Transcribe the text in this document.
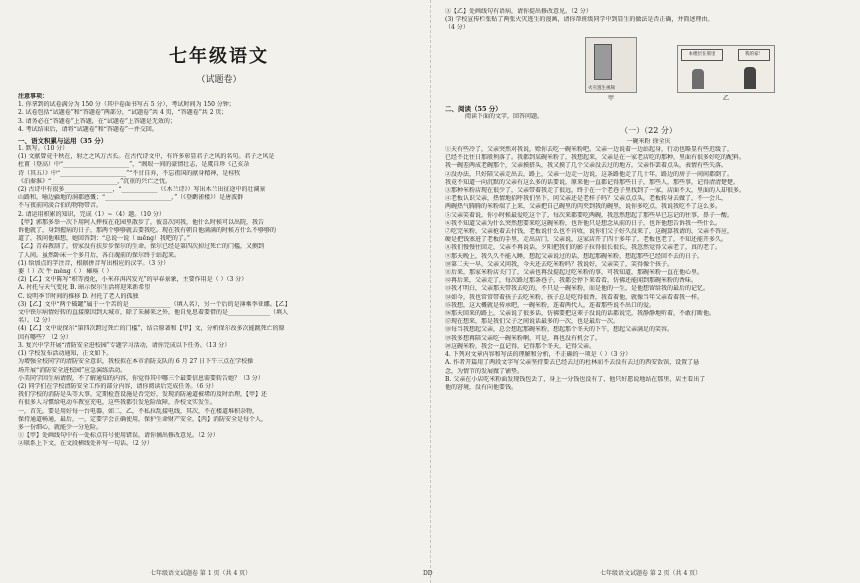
七年级语文
（试题卷）
注意事项：
1. 你拿到的试卷满分为 150 分（其中卷面书写占 5 分），考试时间为 150 分钟；
2. 试卷包括“试题卷”和“答题卷”两部分，“试题卷”共 4 页，“答题卷”共 2 页；
3. 请务必在“答题卷”上答题，在“试题卷”上答题是无效的；
4. 考试结束后，请将“试题卷”和“答题卷”一并交回。
一、语文积累与运用（35 分）
1. 默写。（10 分）
(1) 文献曾竟千秋在，射之之风万古长。在古代诗文中，有许多彰显君子之风的名句。君子之风是
杜甫（登高）中“______________________”，“阁垠一间的豪情壮志，是虞自珍《己亥杂
诗（其五）》中“______________________”“不甘自弃，不忘祖国的献身精神，是桂牧
《泊秦淮》“______________________，”沉重的兴亡之忧。
(2) 古诗中有很多________________，“____________（《木兰诗》）写出木兰出征途中的壮阔景
山路和，喻边疆地的洞都感慨；“______________________，”（《登鹳雀楼》）是唐波群
不与夜前同淡合伯的物物带音。
2. 请运用积累的知识，完成（1）~（4）题。（10 分）
【甲】郭那多举一次下用阿人摔枝在花园里散步了，彼喜次问我，他什么时候可以出院，我告
诉他就了，身到握病的日子，那两个够够就去要我吃。现在我有朝自他满满的时候方什么不够够的
道了，我问他难想，她回答到：“总说一说（ mēng）我吧的了。”
【乙】青春教制了，傍家没有扶步步保尔的生命。保尔已经是第四次掉过死亡的门槛，又侧到
了人间。虽然卧床一个多月后，各白魂前的保尔终于站起来。
(1) 给加点的字注音，根据拼音写出相应的汉字。（3 分）
萎（ ）次 牛 měng（ ） 瘫痪（ ）
(2)【乙】文中陈写“积等漫化，小米祥洱闪发光”的早春景象，主要作用是（ ）（3 分）
A. 衬托与天气变化 B. 暗示保尔生活将迎来新希望
C. 说明季节时间的推移 D. 衬托了老人的孤独
(3)【乙】文中“两个破罐”属于一个苦的是______________（填人名），另一个后的是薄乘李亚娜。【乙】
文中铁尔病情好转的直接原因到大城市，除了朱赫来之外，他自免思着要借的是______________（填人
名）。（2 分）
(4)【乙】文中说保尔“第四次跨过死亡的门槛”，结合原著和【甲】文，分析保尔改多次能跳死亡的原
因有哪些？（2 分）
3. 复兴中学开展“清防安全进校园”专题学习活动，请你完成以下任务。（13 分）
(1) 学校发布活动通知，正文如下。
为增强全校同学的清防安全意识，我校拟在本市消防支队的 6 月 27 日下午三点在学校操
场开展“消防安全进校园”应急演练活动。
小美同学因生病请假，不了解通知的内容，你觉得其中哪三个最要信息需要转告她？（3 分）
(2) 同学们在学校清防安全工作的部分内容，请你阅读后完成任务。（6 分）
我们学校的消防是头等大事，定期检查设施是否完好，发现消防通道被堵的及时治理，【甲】还
有很多人习惯给电动车教室充电，这些我都引发危险故障，乔校文实发生。
一，首先，要是用好每一台电器，如二，乙，不私拉乱接电线，其次，不在楼道堆积杂物，
保持通道畅通，最后，一，定要学会正确使用，保护生命财产安全，【丙】消防安全是每个人，
多一份细心，就能少一分危险。
①【甲】处画线句中有一处标点符号使用错误，请你摘出修改意见。（2 分）
②联系上下文，在文段横线处补写一句话。（2 分）
③【乙】处画线句有语病，请你提出修改意见。（2 分）
(3) 学校宣传栏张贴了两张火灾逃生的漫画，请你帮班级同学中到显生的做法是否正确，并简述理由。
（4 分）
火灾逃生视频
甲
本楼层在那里	我的家！
乙
二、阅读（55 分）
阅读下面的文字，回答问题。
（一）（22 分）
一碗米粉 徐全庆
①天有些冷了，父亲突然对我说，赊你去吃一碗米粉吧。父亲一边说着一边站起身，行动也略显有些迟缓了，
已经不比往日那般利落了。我都到某碗米粉了，我想起来，父亲是在一家老店吃的那种，里面有很多好吃的配料。
我一碗差两成老碗那个，父亲摸搭头，我又摸了几个父亲没去过的地方，父亲作罢着点头，表情有些失落。
②没办法，只好陪父亲走出去，路上，父亲一边走一边说，这条路他走了几十年，路边的房子一间间都倒了。
我竟不知道一向沉默的父亲有这么多的话要说，原来他一直都记得那些日子，那些人，那些事，记得清清楚楚。
③那种米粉店现在很少了，父亲带着我走了很远，终于在一个老巷子里找到了一家，店面不大，里面的人却很多。
④老板认识父亲，热情地招呼我们坐下，问父亲还是老样子吗？父亲点点头，老板转身去做了，不一会儿，
两碗热气腾腾的米粉端了上来，父亲把自己碗里的肉夹到我的碗里，说你多吃点，我说我吃不了这么多。
⑤父亲笑着说，你小时候最爱吃这个了，每次来都要吃两碗，我忽然想起了那些早已忘记的往事，鼻子一酸。
⑥我不知道父亲为什么突然想要来吃这碗米粉，也许他只是想念从前的日子，也许他想告诉我一些什么。
⑦吃完米粉，父亲抢着去付钱，老板说什么也不肯收，说你们父子好久没来了，这碗算我请的，父亲不答应，
硬是把钱塞进了老板的手里，走出店门，父亲说，这家店开了四十多年了，老板也老了，不知还能开多久。
⑧我们慢慢往回走，父亲不再说话，夕阳把我们的影子拉得很长很长，我忽然觉得父亲老了，真的老了。
⑨那天晚上，我久久不能入睡，想起父亲说过的话，想起那碗米粉，想起那些已经回不去的日子。
⑩第二天一早，父亲又问我，今天还去吃米粉吗？我说好，父亲笑了，笑得像个孩子。
⑪后来，那家米粉店关门了，父亲也再没提起过吃米粉的事，可我知道，那碗米粉一直在他心里。
⑫再后来，父亲走了，每次路过那条巷子，我都会停下来看看，仿佛还能闻到那碗米粉的香味。
⑬我才明白，父亲那天带我去吃的，不只是一碗米粉，而是他的一生，是他想留给我的最后的记忆。
⑭如今，我也常常带着孩子去吃米粉，孩子总是吃得很香，我看着他，就像当年父亲看着我一样。
⑮我想，这大概就是传承吧，一碗米粉，连着两代人，连着那些说不出口的爱。
⑯那天回来的路上，父亲说了很多话，仿佛要把这辈子没说的话都说完，我静静地听着，不敢打断他。
⑰现在想来，那是我们父子之间说话最多的一次，也是最后一次。
⑱每当我想起父亲，总会想起那碗米粉，想起那个冬天的下午，想起父亲满足的笑容。
⑲我多想再陪父亲吃一碗米粉啊，可是，再也没有机会了。
⑳这碗米粉，我会一直记得，记得那个冬天，记得父亲。
4. 下列对文章内容和写法的理解和分析，不正确的一项是（ ）（3 分）
A. 作者开篇用了两段文字写父亲坚持要去已经去过的杜林而不去没有去过的西安饭馆，设置了悬
念，为情节的发展做了铺垫。
B. 父亲在小店吃米粉面发现钱包丢了，身上一分钱也没有了，他只好愿说地站在那里，店主看出了
他的窘境，没有向他要钱。
七年级语文试题卷 第 1 页（共 4 页）	DD	七年级语文试题卷 第 2 页（共 4 页）
